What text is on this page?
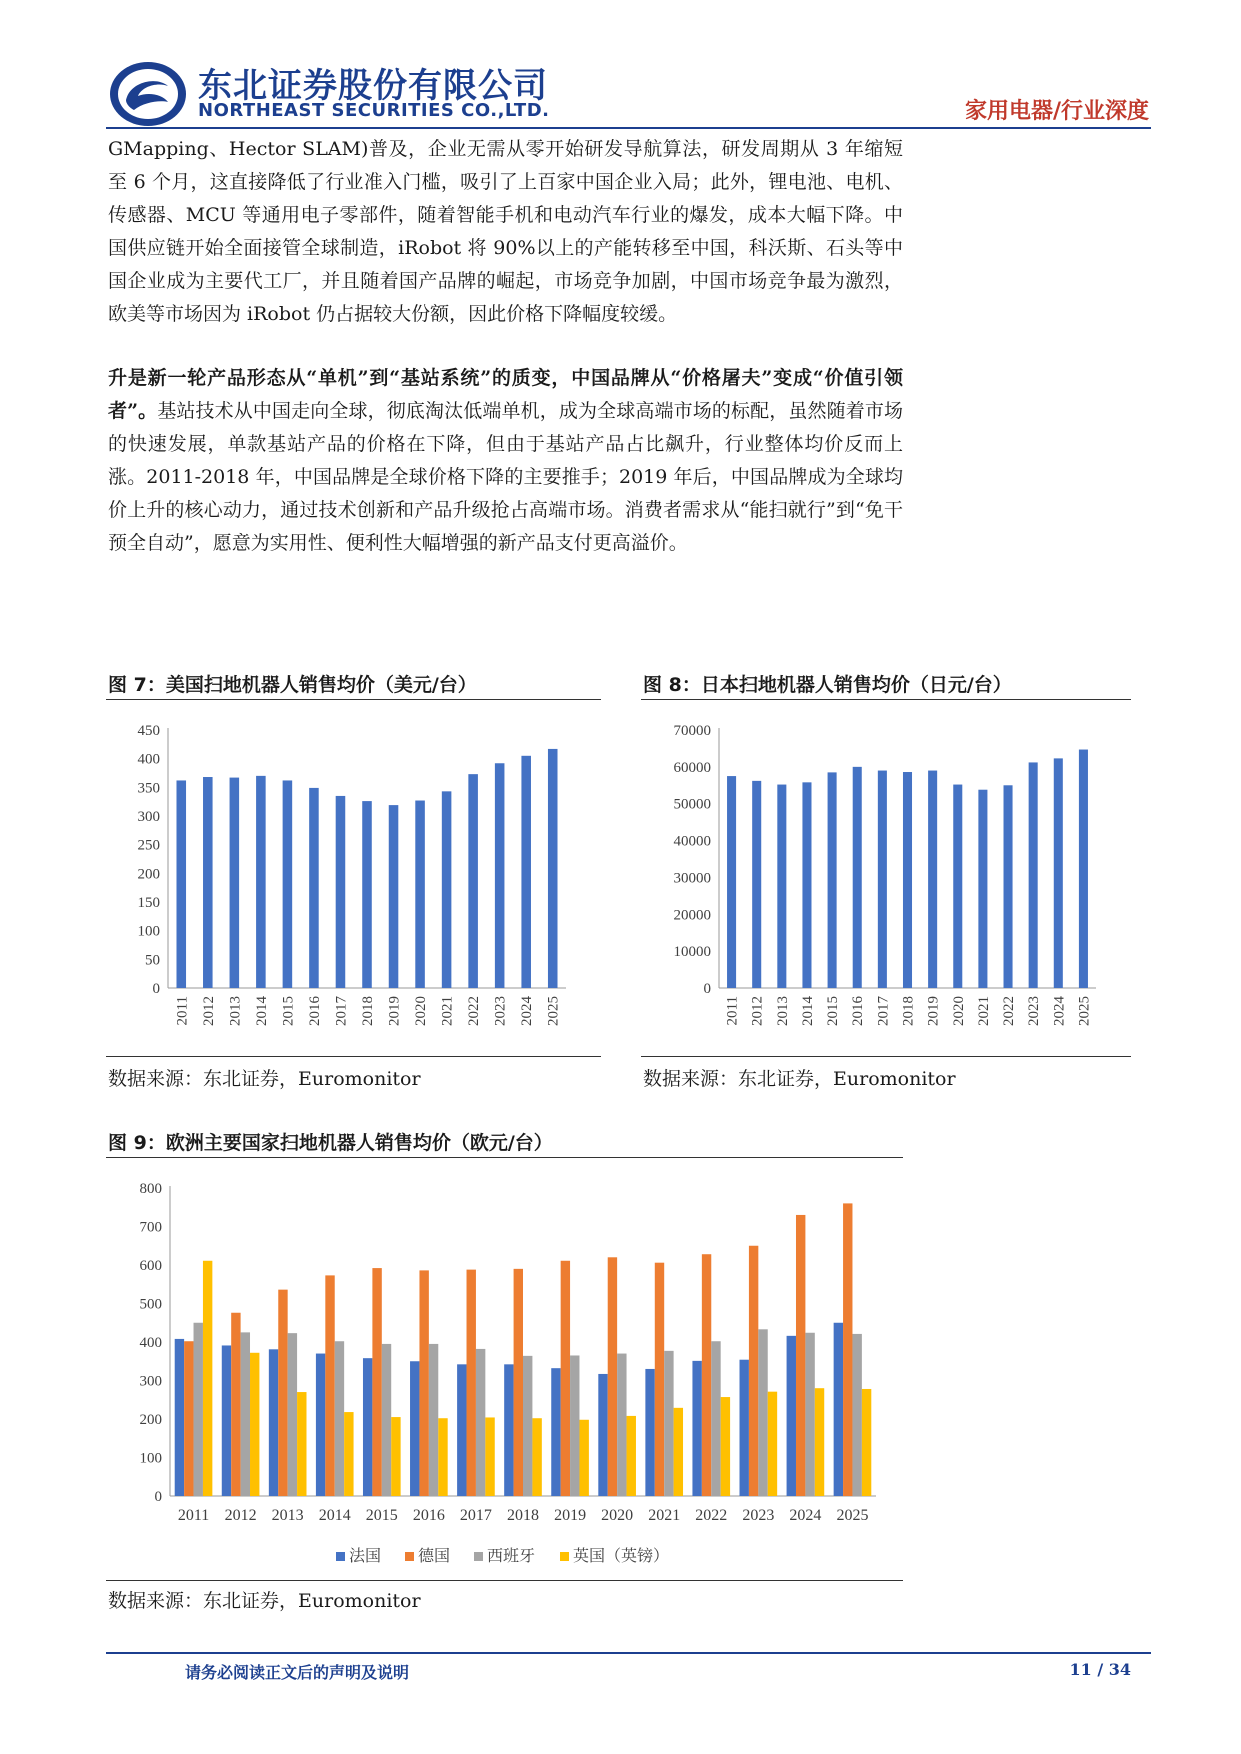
东北证券股份有限公司
NORTHEAST SECURITIES CO.,LTD.	家用电器/行业深度
GMapping、Hector SLAM)普及，企业无需从零开始研发导航算法，研发周期从 3 年缩短至 6 个月，这直接降低了行业准入门槛，吸引了上百家中国企业入局；此外，锂电池、电机、传感器、MCU 等通用电子零部件，随着智能手机和电动汽车行业的爆发，成本大幅下降。中国供应链开始全面接管全球制造，iRobot 将 90%以上的产能转移至中国，科沃斯、石头等中国企业成为主要代工厂，并且随着国产品牌的崛起，市场竞争加剧，中国市场竞争最为激烈，欧美等市场因为 iRobot 仍占据较大份额，因此价格下降幅度较缓。
升是新一轮产品形态从“单机”到“基站系统”的质变，中国品牌从“价格屠夫”变成“价值引领者”。基站技术从中国走向全球，彻底淘汰低端单机，成为全球高端市场的标配，虽然随着市场的快速发展，单款基站产品的价格在下降，但由于基站产品占比飙升，行业整体均价反而上涨。2011-2018 年，中国品牌是全球价格下降的主要推手；2019 年后，中国品牌成为全球均价上升的核心动力，通过技术创新和产品升级抢占高端市场。消费者需求从“能扫就行”到“免干预全自动”，愿意为实用性、便利性大幅增强的新产品支付更高溢价。
图 7：美国扫地机器人销售均价（美元/台）
0
50
100
150
200
250
300
350
400
450
2011 2012 2013 2014 2015 2016 2017 2018 2019 2020 2021 2022 2023 2024 2025
数据来源：东北证券，Euromonitor
图 8：日本扫地机器人销售均价（日元/台）
0
10000
20000
30000
40000
50000
60000
70000
2011 2012 2013 2014 2015 2016 2017 2018 2019 2020 2021 2022 2023 2024 2025
数据来源：东北证券，Euromonitor
图 9：欧洲主要国家扫地机器人销售均价（欧元/台）
0
100
200
300
400
500
600
700
800
2011 2012 2013 2014 2015 2016 2017 2018 2019 2020 2021 2022 2023 2024 2025
法国 德国 西班牙 英国（英镑）
数据来源：东北证券，Euromonitor
请务必阅读正文后的声明及说明	11 / 34
